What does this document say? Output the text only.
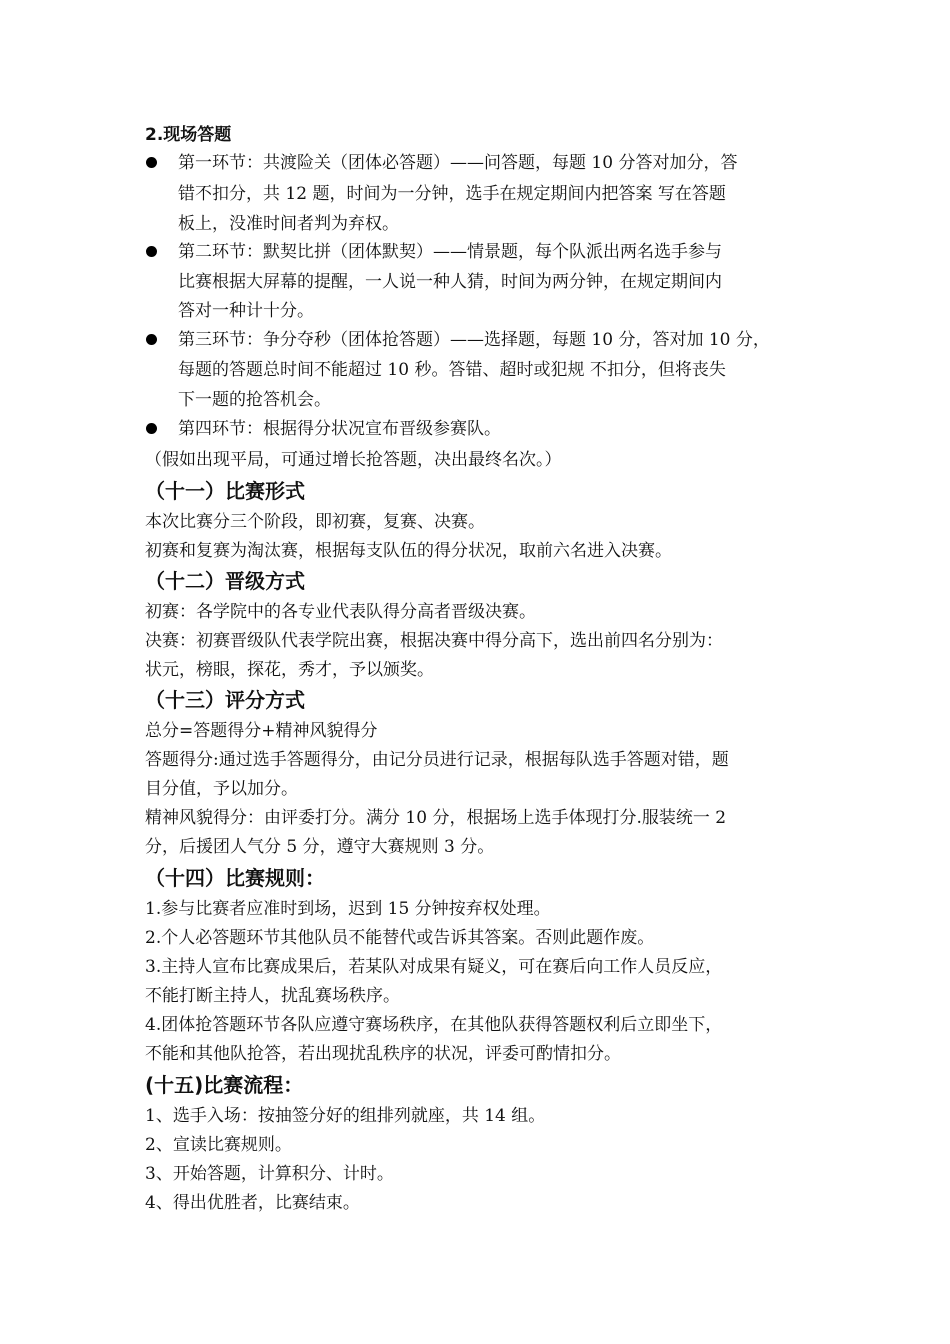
2.现场答题
第一环节：共渡险关（团体必答题）——问答题，每题 10 分答对加分，答
错不扣分，共 12 题，时间为一分钟，选手在规定期间内把答案 写在答题
板上，没准时间者判为弃权。
第二环节：默契比拼（团体默契）——情景题，每个队派出两名选手参与
比赛根据大屏幕的提醒，一人说一种人猜，时间为两分钟，在规定期间内
答对一种计十分。
第三环节：争分夺秒（团体抢答题）——选择题，每题 10 分，答对加 10 分，
每题的答题总时间不能超过 10 秒。答错、超时或犯规 不扣分，但将丧失
下一题的抢答机会。
第四环节：根据得分状况宣布晋级参赛队。
（假如出现平局，可通过增长抢答题，决出最终名次。）
（十一）比赛形式
本次比赛分三个阶段，即初赛，复赛、决赛。
初赛和复赛为淘汰赛，根据每支队伍的得分状况，取前六名进入决赛。
（十二）晋级方式
初赛：各学院中的各专业代表队得分高者晋级决赛。
决赛：初赛晋级队代表学院出赛，根据决赛中得分高下，选出前四名分别为：
状元，榜眼，探花，秀才，予以颁奖。
（十三）评分方式
总分=答题得分+精神风貌得分
答题得分:通过选手答题得分，由记分员进行记录，根据每队选手答题对错，题
目分值，予以加分。
精神风貌得分：由评委打分。满分 10 分，根据场上选手体现打分.服装统一 2
分，后援团人气分 5 分，遵守大赛规则 3 分。
（十四）比赛规则：
1.参与比赛者应准时到场，迟到 15 分钟按弃权处理。
2.个人必答题环节其他队员不能替代或告诉其答案。否则此题作废。
3.主持人宣布比赛成果后，若某队对成果有疑义，可在赛后向工作人员反应，
不能打断主持人，扰乱赛场秩序。
4.团体抢答题环节各队应遵守赛场秩序，在其他队获得答题权利后立即坐下，
不能和其他队抢答，若出现扰乱秩序的状况，评委可酌情扣分。
(十五)比赛流程：
1、选手入场：按抽签分好的组排列就座，共 14 组。
2、宣读比赛规则。
3、开始答题，计算积分、计时。
4、得出优胜者，比赛结束。
